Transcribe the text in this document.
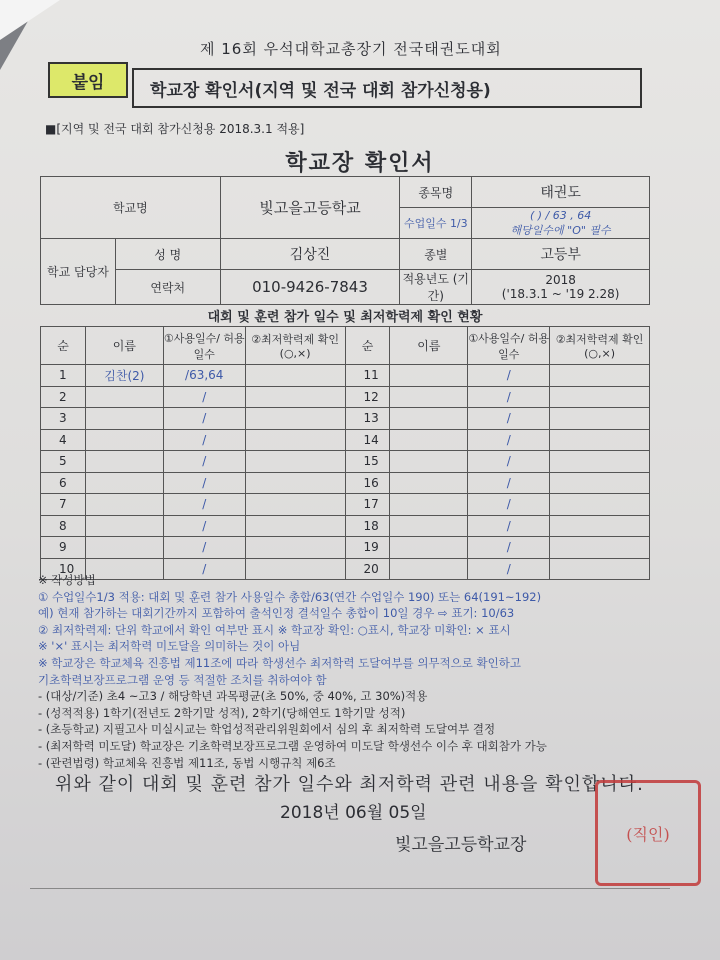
제 16회 우석대학교총장기 전국태권도대회
붙임	학교장 확인서(지역 및 전국 대회 참가신청용)
■[지역 및 전국 대회 참가신청용 2018.3.1 적용]
학교장 확인서
학교명		빛고을고등학교	종목명	태권도
			수업일수 1/3	( ) / 63 , 64
해당일수에 "O" 필수

학교 담당자	성 명	김상진	종별	고등부
	연락처	010-9426-7843	적용년도 (기간)	2018
('18.3.1 ~ '19 2.28)
대회 및 훈련 참가 일수 및 최저학력제 확인 현황
순	이름	①사용일수/ 허용일수	②최저학력제 확인(○,×)	순	이름	①사용일수/ 허용일수	②최저학력제 확인(○,×)
1	김찬(2)	/63,64		11		/	
2		/		12		/	
3		/		13		/	
4		/		14		/	
5		/		15		/	
6		/		16		/	
7		/		17		/	
8		/		18		/	
9		/		19		/	
10		/		20		/	
※ 작성방법
① 수업일수1/3 적용: 대회 및 훈련 참가 사용일수 총합/63(연간 수업일수 190) 또는 64(191~192)
예) 현재 참가하는 대회기간까지 포함하여 출석인정 결석일수 총합이 10일 경우 ⇨ 표기: 10/63
② 최저학력제: 단위 학교에서 확인 여부만 표시 ※ 학교장 확인: ○표시, 학교장 미확인: × 표시
※ '×' 표시는 최저학력 미도달을 의미하는 것이 아님
※ 학교장은 학교체육 진흥법 제11조에 따라 학생선수 최저학력 도달여부를 의무적으로 확인하고
기초학력보장프로그램 운영 등 적절한 조치를 취하여야 함
- (대상/기준) 초4 ~고3 / 해당학년 과목평균(초 50%, 중 40%, 고 30%)적용
- (성적적용) 1학기(전년도 2학기말 성적), 2학기(당해연도 1학기말 성적)
- (초등학교) 지필고사 미실시교는 학업성적관리위원회에서 심의 후 최저학력 도달여부 결정
- (최저학력 미도달) 학교장은 기초학력보장프로그램 운영하여 미도달 학생선수 이수 후 대회참가 가능
- (관련법령) 학교체육 진흥법 제11조, 동법 시행규칙 제6조
위와 같이 대회 및 훈련 참가 일수와 최저학력 관련 내용을 확인합니다.
2018년 06월 05일
빛고을고등학교장
(직인)
